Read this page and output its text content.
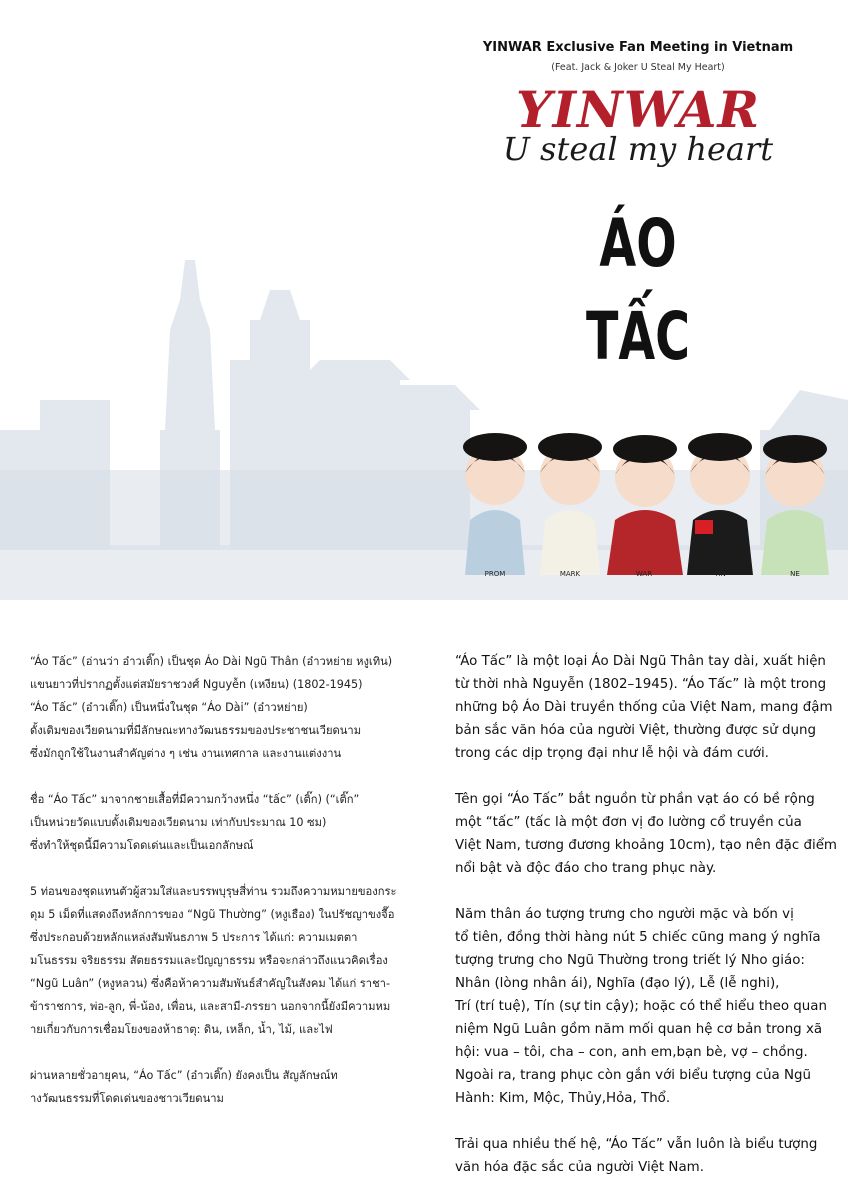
YINWAR Exclusive Fan Meeting in Vietnam
(Feat. Jack & Joker U Steal My Heart)
YINWAR
U steal my heart
ÁO
TẤC
PROM	MARK	WAR	YIN	NE
“Áo Tấc” (อ่านว่า อ๋าวเติ๊ก) เป็นชุด Áo Dài Ngũ Thân (อ๋าวหย่าย หงูเทิน)
แขนยาวที่ปรากฏตั้งแต่สมัยราชวงศ์ Nguyễn (เหงียน) (1802-1945)
“Áo Tấc” (อ๋าวเติ๊ก) เป็นหนึ่งในชุด “Áo Dài” (อ๋าวหย่าย)
ดั้งเดิมของเวียดนามที่มีลักษณะทางวัฒนธรรมของประชาชนเวียดนาม
ซึ่งมักถูกใช้ในงานสำคัญต่าง ๆ เช่น งานเทศกาล และงานแต่งงาน
ชื่อ “Áo Tấc” มาจากชายเสื้อที่มีความกว้างหนึ่ง “tấc” (เติ๊ก) (“เติ๊ก”
เป็นหน่วยวัดแบบดั้งเดิมของเวียดนาม เท่ากับประมาณ 10 ซม)
ซึ่งทำให้ชุดนี้มีความโดดเด่นและเป็นเอกลักษณ์
5 ท่อนของชุดแทนตัวผู้สวมใส่และบรรพบุรุษสี่ท่าน รวมถึงความหมายของกระ
ดุม 5 เม็ดที่แสดงถึงหลักการของ “Ngũ Thường” (หงูเธือง) ในปรัชญาขงจื๊อ
ซึ่งประกอบด้วยหลักแหล่งสัมพันธภาพ 5 ประการ ได้แก่: ความเมตตา
มโนธรรม จริยธรรม สัตยธรรมและปัญญาธรรม หรือจะกล่าวถึงแนวคิดเรื่อง
“Ngũ Luân” (หงูหลวน) ซึ่งคือห้าความสัมพันธ์สำคัญในสังคม ได้แก่ ราชา-
ข้าราชการ, พ่อ-ลูก, พี่-น้อง, เพื่อน, และสามี-ภรรยา นอกจากนี้ยังมีความหม
ายเกี่ยวกับการเชื่อมโยงของห้าธาตุ: ดิน, เหล็ก, น้ำ, ไม้, และไฟ
ผ่านหลายชั่วอายุคน, “Áo Tấc” (อ๋าวเติ๊ก) ยังคงเป็น สัญลักษณ์ท
างวัฒนธรรมที่โดดเด่นของชาวเวียดนาม
“Áo Tấc” là một loại Áo Dài Ngũ Thân tay dài, xuất hiện
từ thời nhà Nguyễn (1802–1945). “Áo Tấc” là một trong
những bộ Áo Dài truyền thống của Việt Nam, mang đậm
bản sắc văn hóa của người Việt, thường được sử dụng
trong các dịp trọng đại như lễ hội và đám cưới.
Tên gọi “Áo Tấc” bắt nguồn từ phần vạt áo có bề rộng
một “tấc” (tấc là một đơn vị đo lường cổ truyền của
Việt Nam, tương đương khoảng 10cm), tạo nên đặc điểm
nổi bật và độc đáo cho trang phục này.
Năm thân áo tượng trưng cho người mặc và bốn vị
tổ tiên, đồng thời hàng nút 5 chiếc cũng mang ý nghĩa
tượng trưng cho Ngũ Thường trong triết lý Nho giáo:
Nhân (lòng nhân ái), Nghĩa (đạo lý), Lễ (lễ nghi),
Trí (trí tuệ), Tín (sự tin cậy); hoặc có thể hiểu theo quan
niệm Ngũ Luân gồm năm mối quan hệ cơ bản trong xã
hội: vua – tôi, cha – con, anh em,bạn bè, vợ – chồng.
Ngoài ra, trang phục còn gắn với biểu tượng của Ngũ
Hành: Kim, Mộc, Thủy,Hỏa, Thổ.
Trải qua nhiều thế hệ, “Áo Tấc” vẫn luôn là biểu tượng
văn hóa đặc sắc của người Việt Nam.
